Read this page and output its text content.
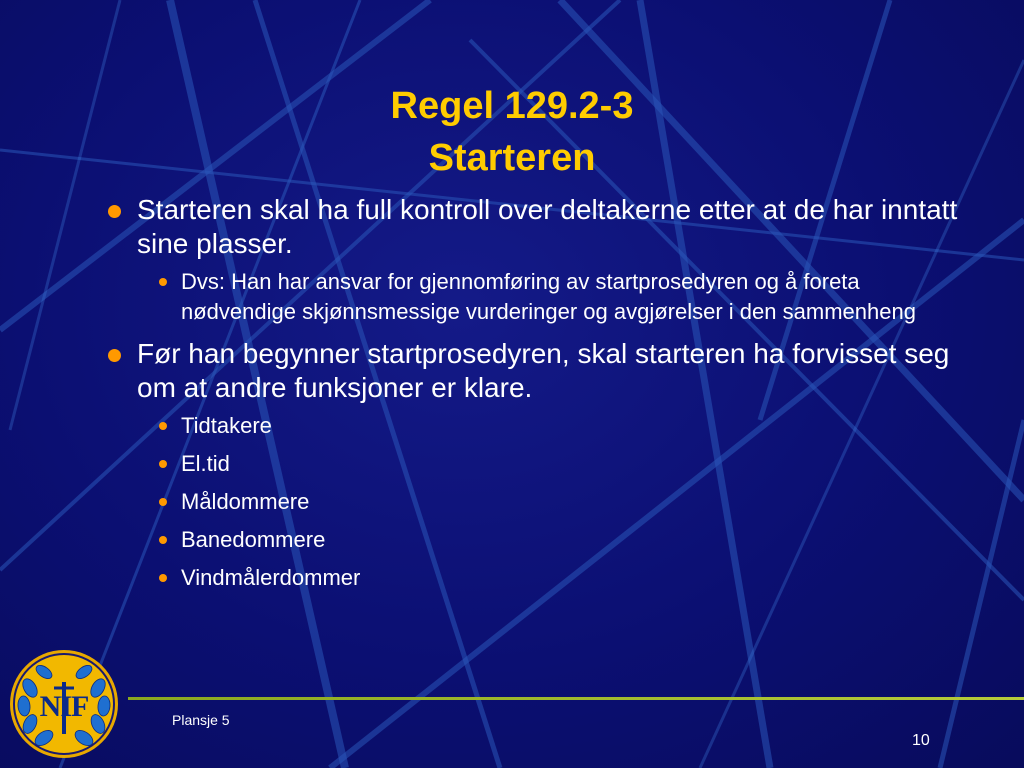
Regel 129.2-3
Starteren
Starteren skal ha full kontroll over deltakerne etter at de har inntatt sine plasser.
Dvs: Han har ansvar for gjennomføring av startprosedyren og å foreta nødvendige skjønnsmessige vurderinger og avgjørelser i den sammenheng
Før han begynner startprosedyren, skal starteren ha forvisset seg om at andre funksjoner er klare.
Tidtakere
El.tid
Måldommere
Banedommere
Vindmålerdommer
NIF	Plansje 5
10
